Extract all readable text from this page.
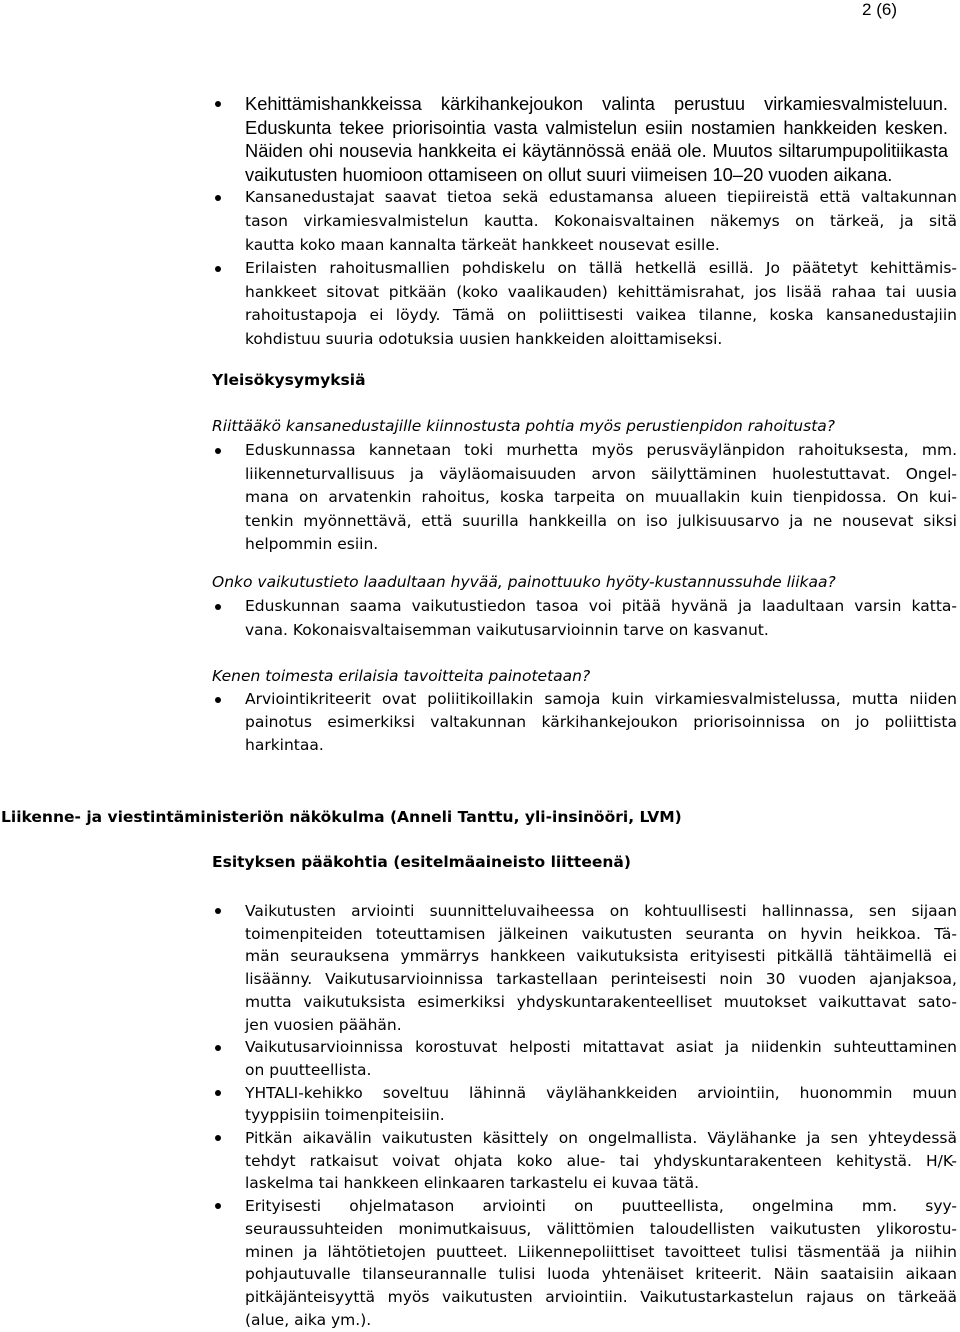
2 (6)
Kehittämishankkeissa kärkihankejoukon valinta perustuu virkamiesvalmisteluun.
Eduskunta tekee priorisointia vasta valmistelun esiin nostamien hankkeiden kesken.
Näiden ohi nousevia hankkeita ei käytännössä enää ole. Muutos siltarumpupolitiikasta
vaikutusten huomioon ottamiseen on ollut suuri viimeisen 10–20 vuoden aikana.
Kansanedustajat saavat tietoa sekä edustamansa alueen tiepiireistä että valtakunnan
tason virkamiesvalmistelun kautta. Kokonaisvaltainen näkemys on tärkeä, ja sitä
kautta koko maan kannalta tärkeät hankkeet nousevat esille.
Erilaisten rahoitusmallien pohdiskelu on tällä hetkellä esillä. Jo päätetyt kehittämis-
hankkeet sitovat pitkään (koko vaalikauden) kehittämisrahat, jos lisää rahaa tai uusia
rahoitustapoja ei löydy. Tämä on poliittisesti vaikea tilanne, koska kansanedustajiin
kohdistuu suuria odotuksia uusien hankkeiden aloittamiseksi.
Yleisökysymyksiä
Riittääkö kansanedustajille kiinnostusta pohtia myös perustienpidon rahoitusta?
Eduskunnassa kannetaan toki murhetta myös perusväylänpidon rahoituksesta, mm.
liikenneturvallisuus ja väyläomaisuuden arvon säilyttäminen huolestuttavat. Ongel-
mana on arvatenkin rahoitus, koska tarpeita on muuallakin kuin tienpidossa. On kui-
tenkin myönnettävä, että suurilla hankkeilla on iso julkisuusarvo ja ne nousevat siksi
helpommin esiin.
Onko vaikutustieto laadultaan hyvää, painottuuko hyöty-kustannussuhde liikaa?
Eduskunnan saama vaikutustiedon tasoa voi pitää hyvänä ja laadultaan varsin katta-
vana. Kokonaisvaltaisemman vaikutusarvioinnin tarve on kasvanut.
Kenen toimesta erilaisia tavoitteita painotetaan?
Arviointikriteerit ovat poliitikoillakin samoja kuin virkamiesvalmistelussa, mutta niiden
painotus esimerkiksi valtakunnan kärkihankejoukon priorisoinnissa on jo poliittista
harkintaa.
Liikenne- ja viestintäministeriön näkökulma (Anneli Tanttu, yli-insinööri, LVM)
Esityksen pääkohtia (esitelmäaineisto liitteenä)
Vaikutusten arviointi suunnitteluvaiheessa on kohtuullisesti hallinnassa, sen sijaan
toimenpiteiden toteuttamisen jälkeinen vaikutusten seuranta on hyvin heikkoa. Tä-
män seurauksena ymmärrys hankkeen vaikutuksista erityisesti pitkällä tähtäimellä ei
lisäänny. Vaikutusarvioinnissa tarkastellaan perinteisesti noin 30 vuoden ajanjaksoa,
mutta vaikutuksista esimerkiksi yhdyskuntarakenteelliset muutokset vaikuttavat sato-
jen vuosien päähän.
Vaikutusarvioinnissa korostuvat helposti mitattavat asiat ja niidenkin suhteuttaminen
on puutteellista.
YHTALI-kehikko soveltuu lähinnä väylähankkeiden arviointiin, huonommin muun
tyyppisiin toimenpiteisiin.
Pitkän aikavälin vaikutusten käsittely on ongelmallista. Väylähanke ja sen yhteydessä
tehdyt ratkaisut voivat ohjata koko alue- tai yhdyskuntarakenteen kehitystä. H/K-
laskelma tai hankkeen elinkaaren tarkastelu ei kuvaa tätä.
Erityisesti ohjelmatason arviointi on puutteellista, ongelmina mm. syy-
seuraussuhteiden monimutkaisuus, välittömien taloudellisten vaikutusten ylikorostu-
minen ja lähtötietojen puutteet. Liikennepoliittiset tavoitteet tulisi täsmentää ja niihin
pohjautuvalle tilanseurannalle tulisi luoda yhtenäiset kriteerit. Näin saataisiin aikaan
pitkäjänteisyyttä myös vaikutusten arviointiin. Vaikutustarkastelun rajaus on tärkeää
(alue, aika ym.).
